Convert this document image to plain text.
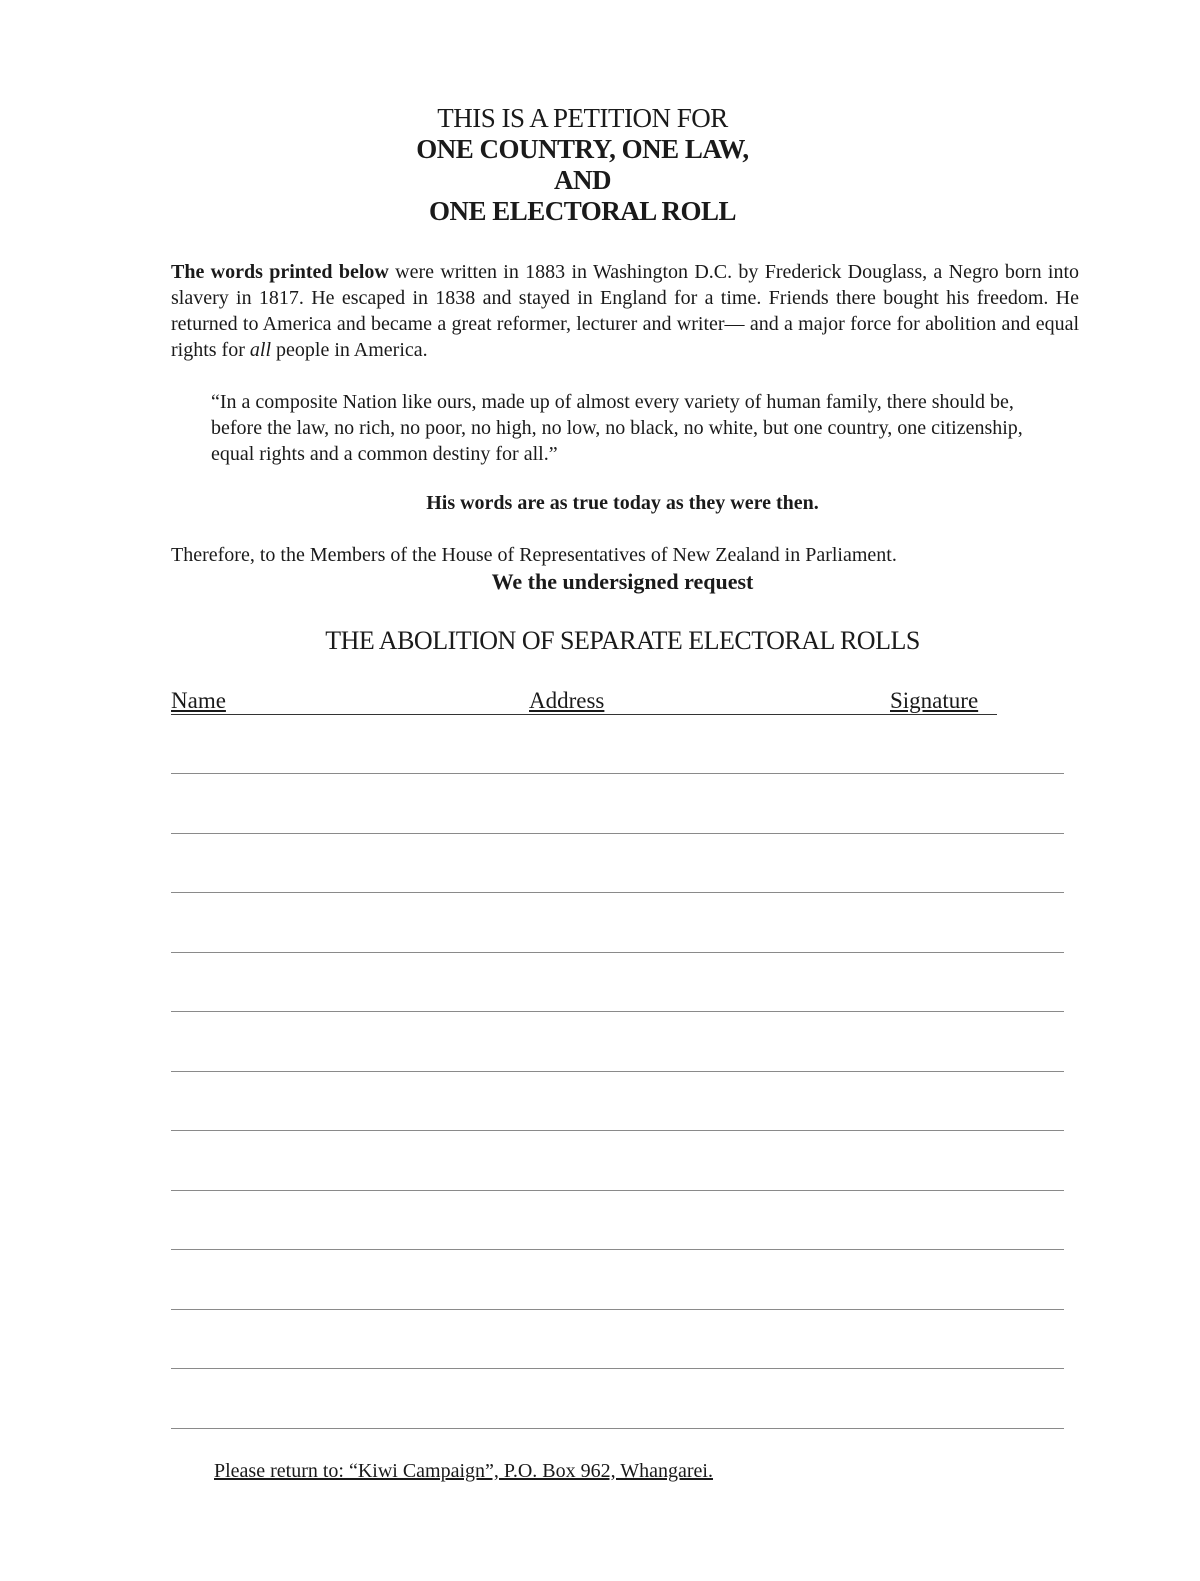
THIS IS A PETITION FOR
ONE COUNTRY, ONE LAW,
AND
ONE ELECTORAL ROLL
The words printed below were written in 1883 in Washington D.C. by Frederick Douglass, a Negro born into slavery in 1817. He escaped in 1838 and stayed in England for a time. Friends there bought his freedom. He returned to America and became a great reformer, lecturer and writer— and a major force for abolition and equal rights for all people in America.
“In a composite Nation like ours, made up of almost every variety of human family, there should be, before the law, no rich, no poor, no high, no low, no black, no white, but one country, one citizenship, equal rights and a common destiny for all.”
His words are as true today as they were then.
Therefore, to the Members of the House of Representatives of New Zealand in Parliament.
We the undersigned request
THE ABOLITION OF SEPARATE ELECTORAL ROLLS
Name	Address	Signature
Please return to: “Kiwi Campaign”, P.O. Box 962, Whangarei.
